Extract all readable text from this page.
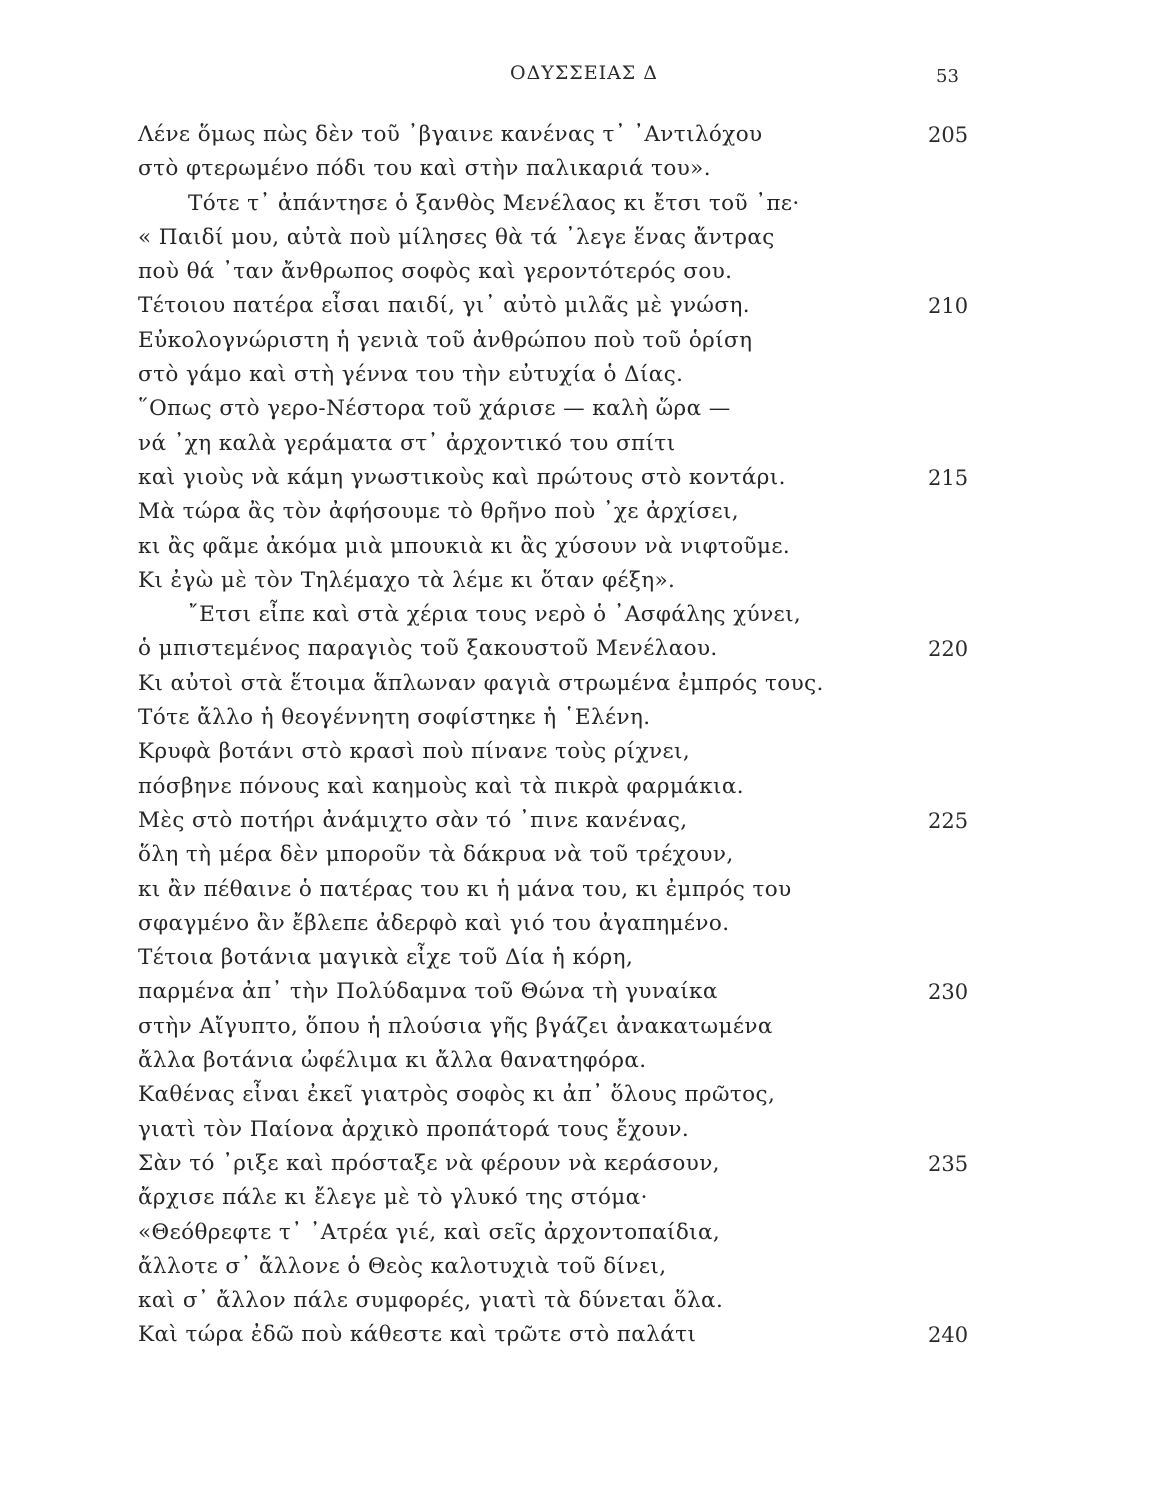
ΟΔΥΣΣΕΙΑΣ Δ	53
Λένε ὅμως πὼς δὲν τοῦ ᾿βγαινε κανένας τ᾿ ᾿Αντιλόχου	205
στὸ φτερωμένο πόδι του καὶ στὴν παλικαριά του».
Τότε τ᾿ ἀπάντησε ὁ ξανθὸς Μενέλαος κι ἔτσι τοῦ ᾿πε·
« Παιδί μου, αὐτὰ ποὺ μίλησες θὰ τά ᾿λεγε ἕνας ἄντρας
ποὺ θά ᾿ταν ἄνθρωπος σοφὸς καὶ γεροντότερός σου.
Τέτοιου πατέρα εἶσαι παιδί, γι᾿ αὐτὸ μιλᾶς μὲ γνώση.	210
Εὐκολογνώριστη ἡ γενιὰ τοῦ ἀνθρώπου ποὺ τοῦ ὁρίση
στὸ γάμο καὶ στὴ γέννα του τὴν εὐτυχία ὁ Δίας.
῞Οπως στὸ γερο-Νέστορα τοῦ χάρισε — καλὴ ὥρα —
νά ᾿χη καλὰ γεράματα στ᾿ ἀρχοντικό του σπίτι
καὶ γιοὺς νὰ κάμη γνωστικοὺς καὶ πρώτους στὸ κοντάρι.	215
Μὰ τώρα ἂς τὸν ἀφήσουμε τὸ θρῆνο ποὺ ᾿χε ἀρχίσει,
κι ἂς φᾶμε ἀκόμα μιὰ μπουκιὰ κι ἂς χύσουν νὰ νιφτοῦμε.
Κι ἐγὼ μὲ τὸν Τηλέμαχο τὰ λέμε κι ὅταν φέξη».
῎Ετσι εἶπε καὶ στὰ χέρια τους νερὸ ὁ ᾿Ασφάλης χύνει,
ὁ μπιστεμένος παραγιὸς τοῦ ξακουστοῦ Μενέλαου.	220
Κι αὐτοὶ στὰ ἕτοιμα ἅπλωναν φαγιὰ στρωμένα ἐμπρός τους.
Τότε ἄλλο ἡ θεογέννητη σοφίστηκε ἡ ῾Ελένη.
Κρυφὰ βοτάνι στὸ κρασὶ ποὺ πίνανε τοὺς ρίχνει,
πόσβηνε πόνους καὶ καημοὺς καὶ τὰ πικρὰ φαρμάκια.
Μὲς στὸ ποτήρι ἀνάμιχτο σὰν τό ᾿πινε κανένας,	225
ὅλη τὴ μέρα δὲν μποροῦν τὰ δάκρυα νὰ τοῦ τρέχουν,
κι ἂν πέθαινε ὁ πατέρας του κι ἡ μάνα του, κι ἐμπρός του
σφαγμένο ἂν ἔβλεπε ἀδερφὸ καὶ γιό του ἀγαπημένο.
Τέτοια βοτάνια μαγικὰ εἶχε τοῦ Δία ἡ κόρη,
παρμένα ἀπ᾿ τὴν Πολύδαμνα τοῦ Θώνα τὴ γυναίκα	230
στὴν Αἴγυπτο, ὅπου ἡ πλούσια γῆς βγάζει ἀνακατωμένα
ἄλλα βοτάνια ὠφέλιμα κι ἄλλα θανατηφόρα.
Καθένας εἶναι ἐκεῖ γιατρὸς σοφὸς κι ἀπ᾿ ὅλους πρῶτος,
γιατὶ τὸν Παίονα ἀρχικὸ προπάτορά τους ἔχουν.
Σὰν τό ᾿ριξε καὶ πρόσταξε νὰ φέρουν νὰ κεράσουν,	235
ἄρχισε πάλε κι ἔλεγε μὲ τὸ γλυκό της στόμα·
«Θεόθρεφτε τ᾿ ᾿Ατρέα γιέ, καὶ σεῖς ἀρχοντοπαίδια,
ἄλλοτε σ᾿ ἄλλονε ὁ Θεὸς καλοτυχιὰ τοῦ δίνει,
καὶ σ᾿ ἄλλον πάλε συμφορές, γιατὶ τὰ δύνεται ὅλα.
Καὶ τώρα ἐδῶ ποὺ κάθεστε καὶ τρῶτε στὸ παλάτι	240
